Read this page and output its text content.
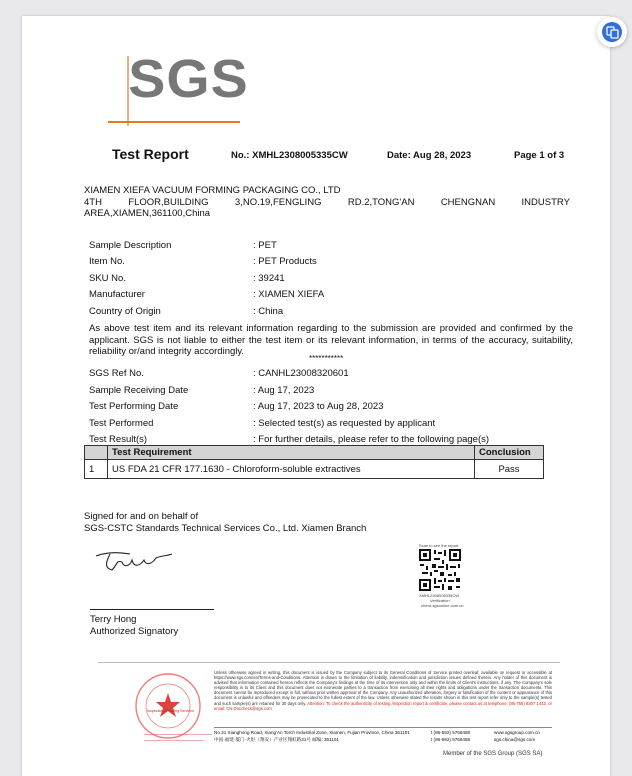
SGS
Test Report	No.: XMHL2308005335CW	Date: Aug 28, 2023	Page 1 of 3
XIAMEN XIEFA VACUUM FORMING PACKAGING CO., LTD
4TH	FLOOR,BUILDING	3,NO.19,FENGLING	RD.2,TONG'AN	CHENGNAN	INDUSTRY
AREA,XIAMEN,361100,China
Sample Description	: PET
Item No.	: PET Products
SKU No.	: 39241
Manufacturer	: XIAMEN XIEFA
Country of Origin	: China
As above test item and its relevant information regarding to the submission are provided and confirmed by the applicant. SGS is not liable to either the test item or its relevant information, in terms of the accuracy, suitability, reliability or/and integrity accordingly.
***********
SGS Ref No.	: CANHL23008320601
Sample Receiving Date	: Aug 17, 2023
Test Performing Date	: Aug 17, 2023 to Aug 28, 2023
Test Performed	: Selected test(s) as requested by applicant
Test Result(s)	: For further details, please refer to the following page(s)
	Test Requirement	Conclusion
1	US FDA 21 CFR 177.1630 - Chloroform-soluble extractives	Pass
Signed for and on behalf of
SGS-CSTC Standards Technical Services Co., Ltd. Xiamen Branch
Terry Hong
Authorized Signatory
Scan to see the report
XMHL2308005335CW
Verification
check.sgsonline.com.cn
Inspection & Testing Services
Unless otherwise agreed in writing, this document is issued by the Company subject to its General Conditions of Service printed overleaf, available on request or accessible at https://www.sgs.com/en/Terms-and-Conditions. Attention is drawn to the limitation of liability, indemnification and jurisdiction issues defined therein. Any holder of this document is advised that information contained hereon reflects the Company's findings at the time of its intervention only and within the limits of Client's instructions, if any. The Company's sole responsibility is to its Client and this document does not exonerate parties to a transaction from exercising all their rights and obligations under the transaction documents. This document cannot be reproduced except in full, without prior written approval of the Company. Any unauthorized alteration, forgery or falsification of the content or appearance of this document is unlawful and offenders may be prosecuted to the fullest extent of the law. Unless otherwise stated the results shown in this test report refer only to the sample(s) tested and such sample(s) are retained for 30 days only. Attention: To check the authenticity of testing /inspection report & certificate, please contact us at telephone: (86-755) 8307 1443, or email: CN.Doccheck@sgs.com
No.31 Xianghong Road, Xiang'An Torch Industrial Zone, Xiamen, Fujian Province, China 361101
中国·福建·厦门·火炬（翔安）产业区翔虹路31号 邮编: 361101
t (86-592) 5766488
t (86-592) 5766488
www.sgsgroup.com.cn
sgs.china@sgs.com
Member of the SGS Group (SGS SA)
